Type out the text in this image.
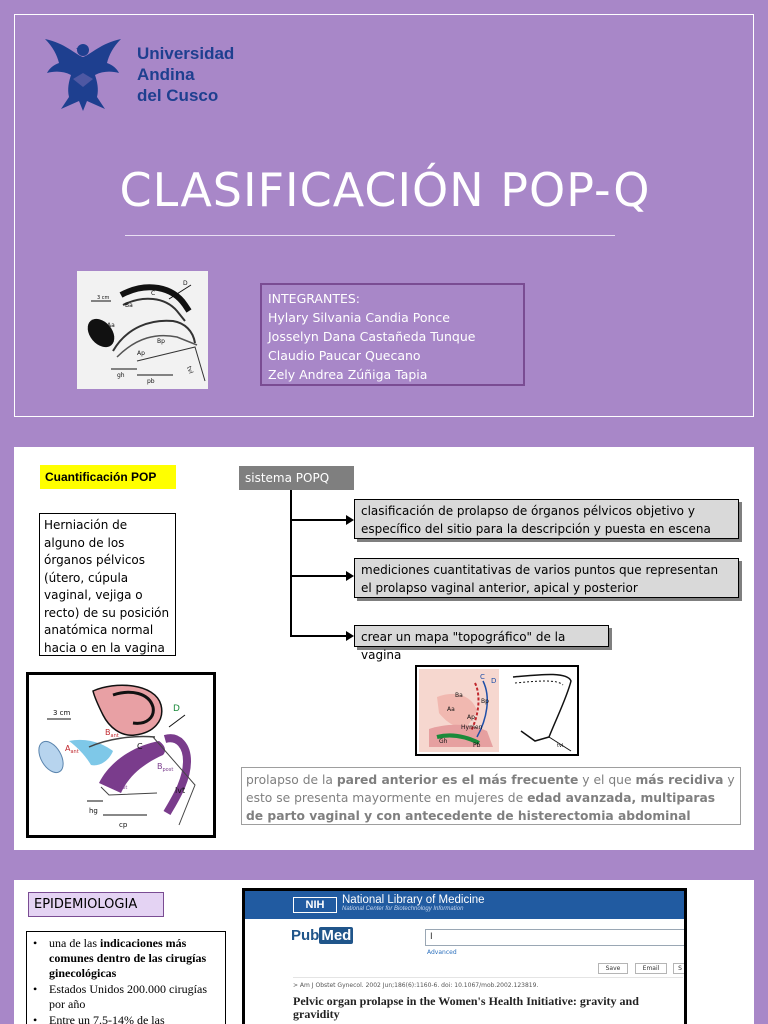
Universidad
Andina
del Cusco
CLASIFICACIÓN POP-Q
3 cm
Ba
Aa
C
D
Ap
Bp
gh
pb
tvl
INTEGRANTES:
Hylary Silvania Candia Ponce
Josselyn Dana Castañeda Tunque
Claudio Paucar Quecano
Zely Andrea Zúñiga Tapia
Cuantificación POP
Herniación de alguno de los órganos pélvicos (útero, cúpula vaginal, vejiga o recto) de su posición anatómica normal hacia o en la vagina
3 cm
$B_{ant}$
$A_{ant}$
C
D
$B_{post}$
$A_{post}$	lvt
hg
cp
sistema POPQ
clasificación de prolapso de órganos pélvicos objetivo y específico del sitio para la descripción y puesta en escena
mediciones cuantitativas de varios puntos que representan el prolapso vaginal anterior, apical y posterior
crear un mapa "topográfico" de la vagina
C D
Ba
Aa
Ap
Bp
Hymen
Gh
Pb	tvl
prolapso de la pared anterior es el más frecuente y el que más recidiva y esto se presenta mayormente en mujeres de edad avanzada, multiparas de parto vaginal y con antecedente de histerectomia abdominal
EPIDEMIOLOGIA
• una de las indicaciones más comunes dentro de las cirugías ginecológicas
• Estados Unidos 200.000 cirugías por año
• Entre un 7.5-14% de las
NIH	National Library of Medicine
National Center for Biotechnology Information
Pub Med	I
Advanced
Save	Email	S
> Am J Obstet Gynecol. 2002 Jun;186(6):1160-6. doi: 10.1067/mob.2002.123819.
Pelvic organ prolapse in the Women's Health Initiative: gravity and gravidity
